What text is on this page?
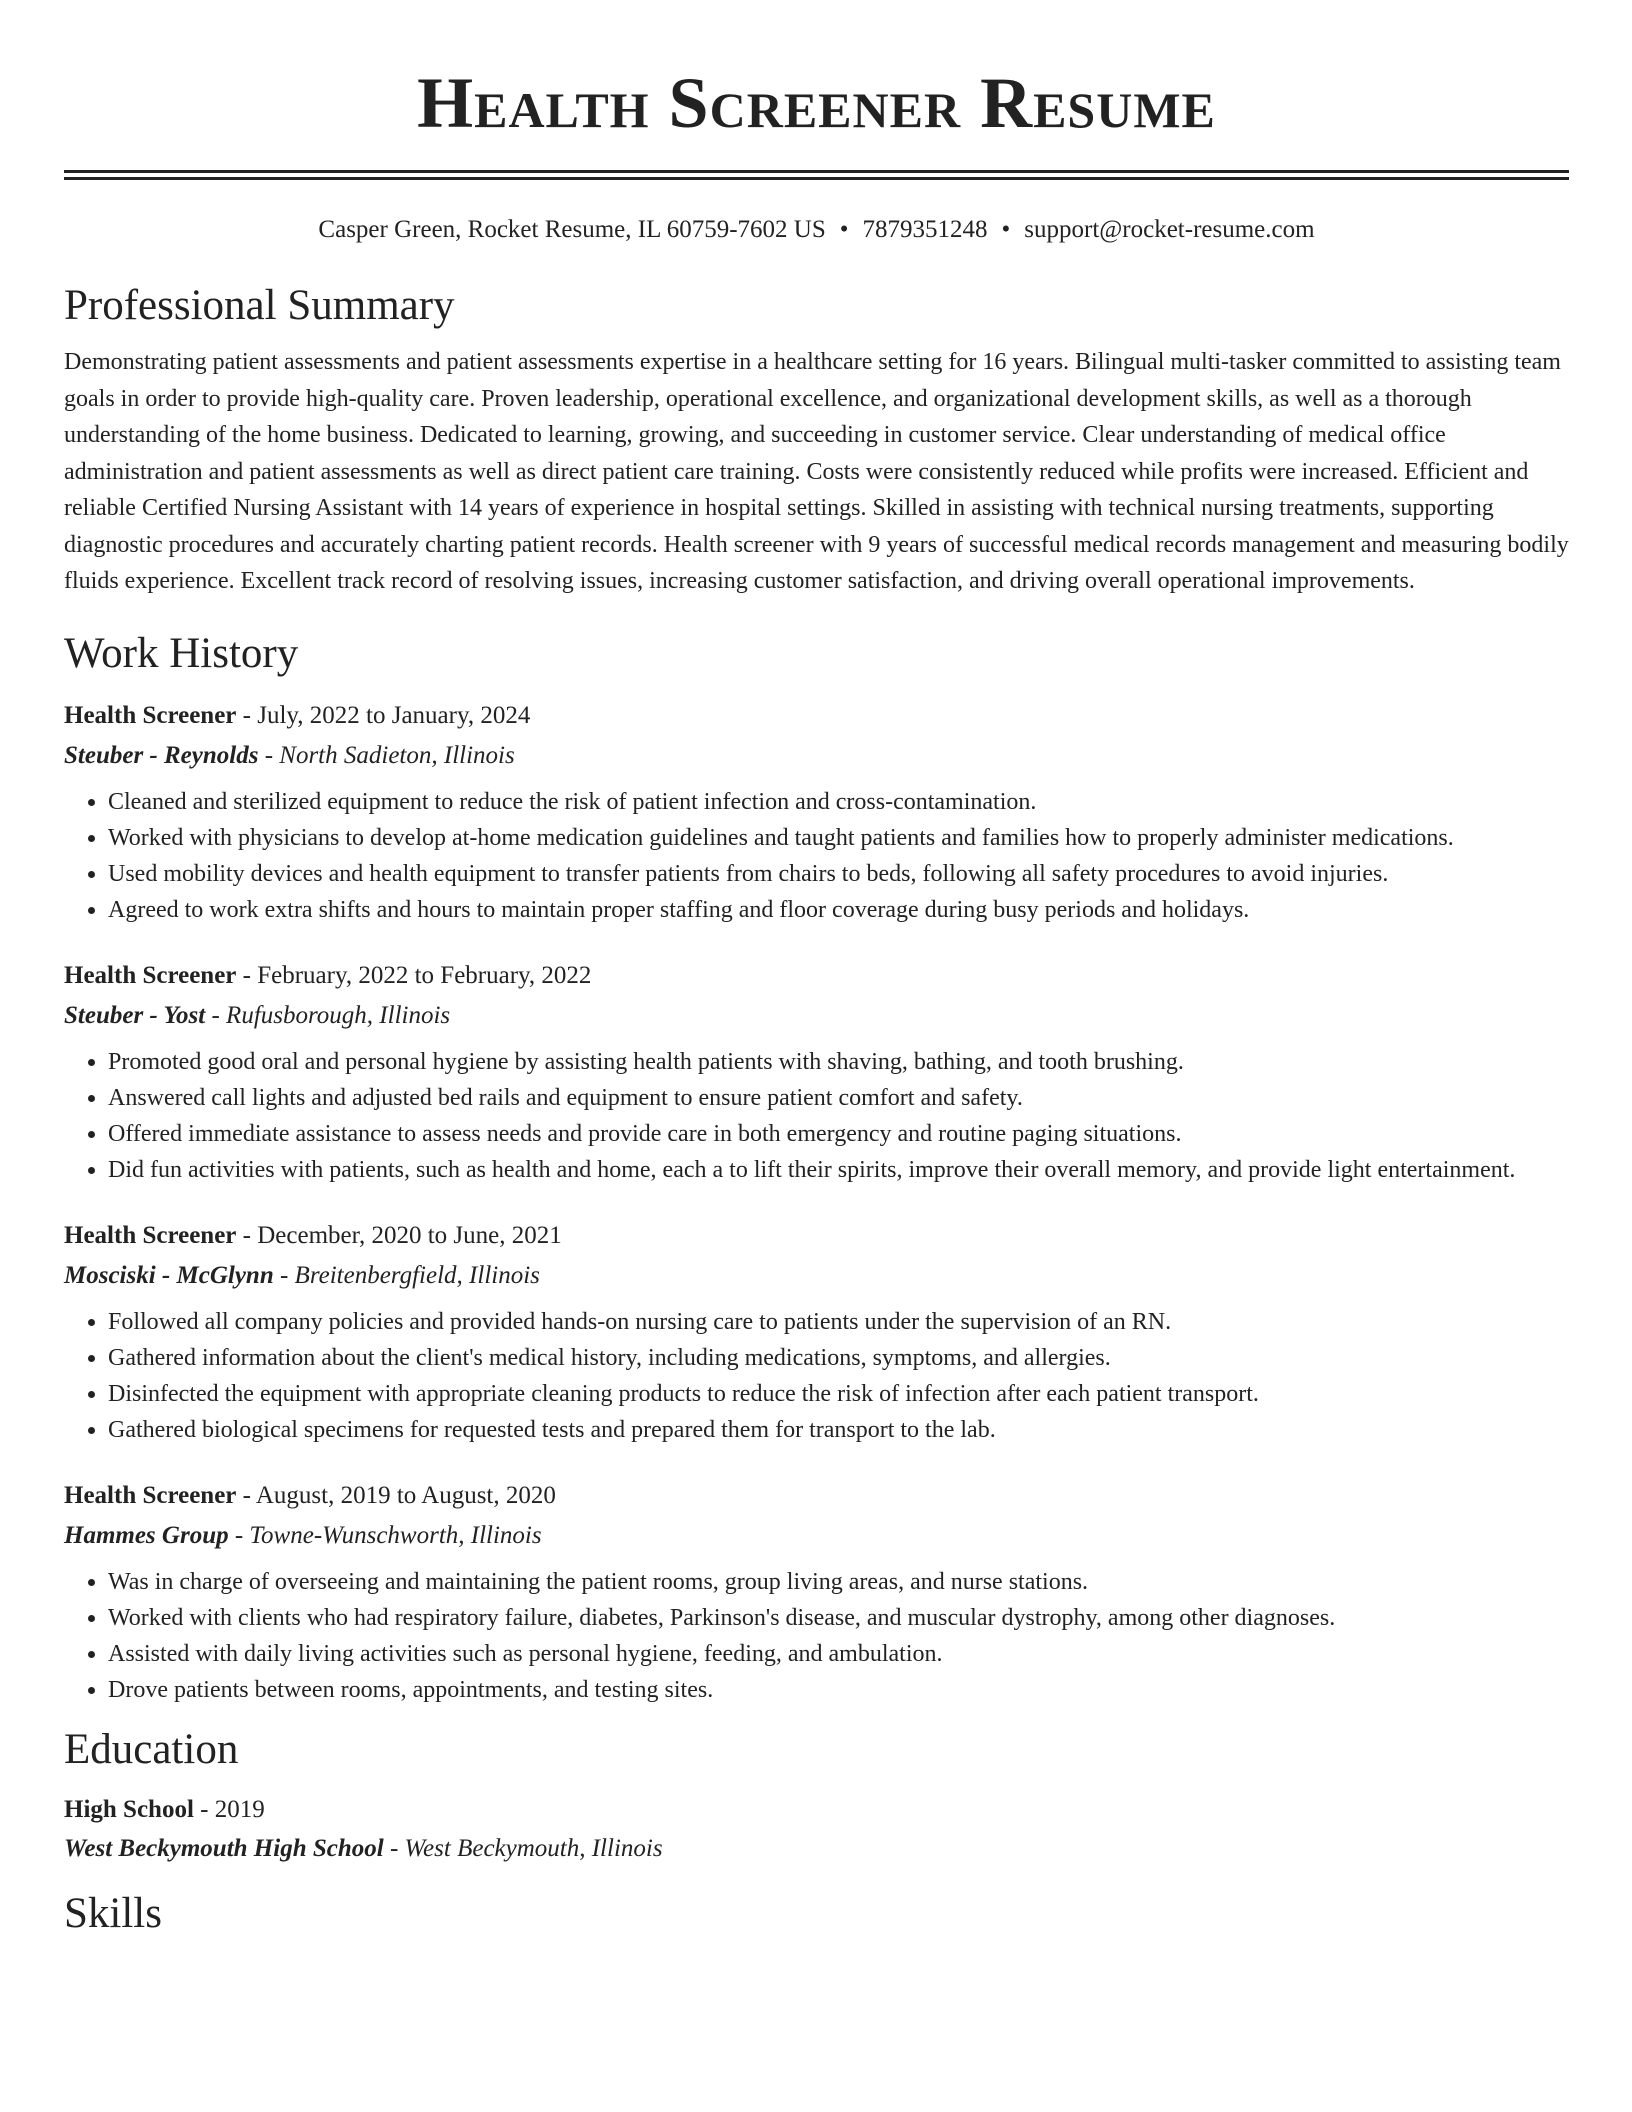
Health Screener Resume
Casper Green, Rocket Resume, IL 60759-7602 US • 7879351248 • support@rocket-resume.com
Professional Summary

Demonstrating patient assessments and patient assessments expertise in a healthcare setting for 16 years. Bilingual multi-tasker committed to assisting team goals in order to provide high-quality care. Proven leadership, operational excellence, and organizational development skills, as well as a thorough understanding of the home business. Dedicated to learning, growing, and succeeding in customer service. Clear understanding of medical office administration and patient assessments as well as direct patient care training. Costs were consistently reduced while profits were increased. Efficient and reliable Certified Nursing Assistant with 14 years of experience in hospital settings. Skilled in assisting with technical nursing treatments, supporting diagnostic procedures and accurately charting patient records. Health screener with 9 years of successful medical records management and measuring bodily fluids experience. Excellent track record of resolving issues, increasing customer satisfaction, and driving overall operational improvements.

Work History
Health Screener - July, 2022 to January, 2024
Steuber - Reynolds - North Sadieton, Illinois
• Cleaned and sterilized equipment to reduce the risk of patient infection and cross-contamination.
• Worked with physicians to develop at-home medication guidelines and taught patients and families how to properly administer medications.
• Used mobility devices and health equipment to transfer patients from chairs to beds, following all safety procedures to avoid injuries.
• Agreed to work extra shifts and hours to maintain proper staffing and floor coverage during busy periods and holidays.
Health Screener - February, 2022 to February, 2022
Steuber - Yost - Rufusborough, Illinois
• Promoted good oral and personal hygiene by assisting health patients with shaving, bathing, and tooth brushing.
• Answered call lights and adjusted bed rails and equipment to ensure patient comfort and safety.
• Offered immediate assistance to assess needs and provide care in both emergency and routine paging situations.
• Did fun activities with patients, such as health and home, each a to lift their spirits, improve their overall memory, and provide light entertainment.
Health Screener - December, 2020 to June, 2021
Mosciski - McGlynn - Breitenbergfield, Illinois
• Followed all company policies and provided hands-on nursing care to patients under the supervision of an RN.
• Gathered information about the client's medical history, including medications, symptoms, and allergies.
• Disinfected the equipment with appropriate cleaning products to reduce the risk of infection after each patient transport.
• Gathered biological specimens for requested tests and prepared them for transport to the lab.
Health Screener - August, 2019 to August, 2020
Hammes Group - Towne-Wunschworth, Illinois
• Was in charge of overseeing and maintaining the patient rooms, group living areas, and nurse stations.
• Worked with clients who had respiratory failure, diabetes, Parkinson's disease, and muscular dystrophy, among other diagnoses.
• Assisted with daily living activities such as personal hygiene, feeding, and ambulation.
• Drove patients between rooms, appointments, and testing sites.
Education
High School - 2019
West Beckymouth High School - West Beckymouth, Illinois
Skills
